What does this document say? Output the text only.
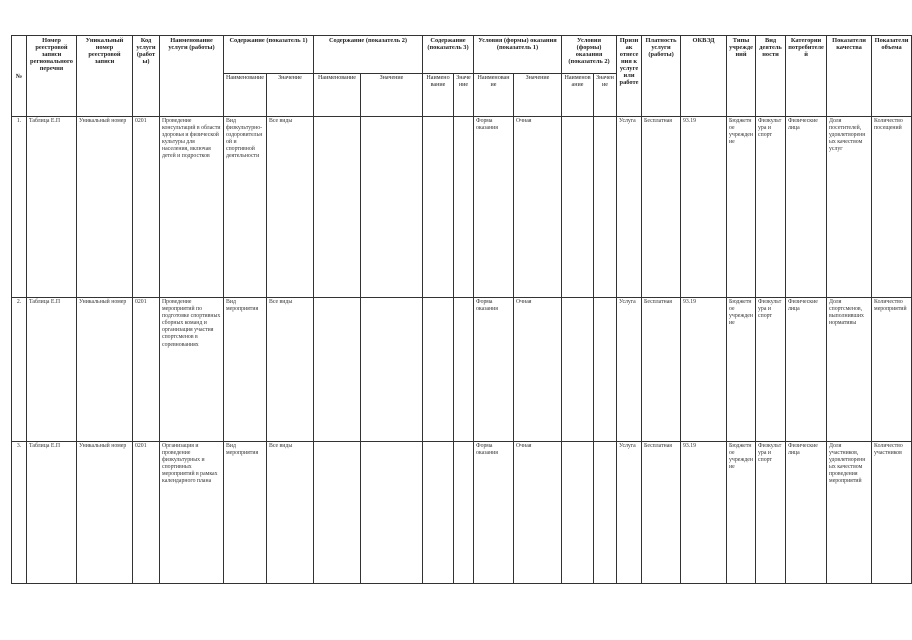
№	Номер реестровой записи регионального перечня	Уникальный номер реестровой записи	Код услуги (работы)	Наименование услуги (работы)	Содержание (показатель 1)		Содержание (показатель 2)		Содержание (показатель 3)		Условия (формы) оказания (показатель 1)		Условия (формы) оказания (показатель 2)		Признак отнесения к услуге или работе	Платность услуги (работы)	ОКВЭД	Типы учреждений	Вид деятельности	Категории потребителей	Показатели качества	Показатели объема
					Наименование	Значение	Наименование	Значение	Наименование	Значение	Наименование	Значение	Наименование	Значение								
1.	Таблица Е.П	Уникальный номер	0201	Проведение консультаций в области здоровья и физической культуры для населения, включая детей и подростков	Вид физкультурно-оздоровительной и спортивной деятельности	Все виды					Форма оказания	Очная			Услуга	Бесплатная	93.19	Бюджетное учреждение	Физкультура и спорт	Физические лица	Доля посетителей, удовлетворенных качеством услуг	Количество посещений
2.	Таблица Е.П	Уникальный номер	0201	Проведение мероприятий по подготовке спортивных сборных команд и организация участия спортсменов в соревнованиях	Вид мероприятия	Все виды					Форма оказания	Очная			Услуга	Бесплатная	93.19	Бюджетное учреждение	Физкультура и спорт	Физические лица	Доля спортсменов, выполнивших нормативы	Количество мероприятий
3.	Таблица Е.П	Уникальный номер	0201	Организация и проведение физкультурных и спортивных мероприятий в рамках календарного плана	Вид мероприятия	Все виды					Форма оказания	Очная			Услуга	Бесплатная	93.19	Бюджетное учреждение	Физкультура и спорт	Физические лица	Доля участников, удовлетворенных качеством проведения мероприятий	Количество участников
